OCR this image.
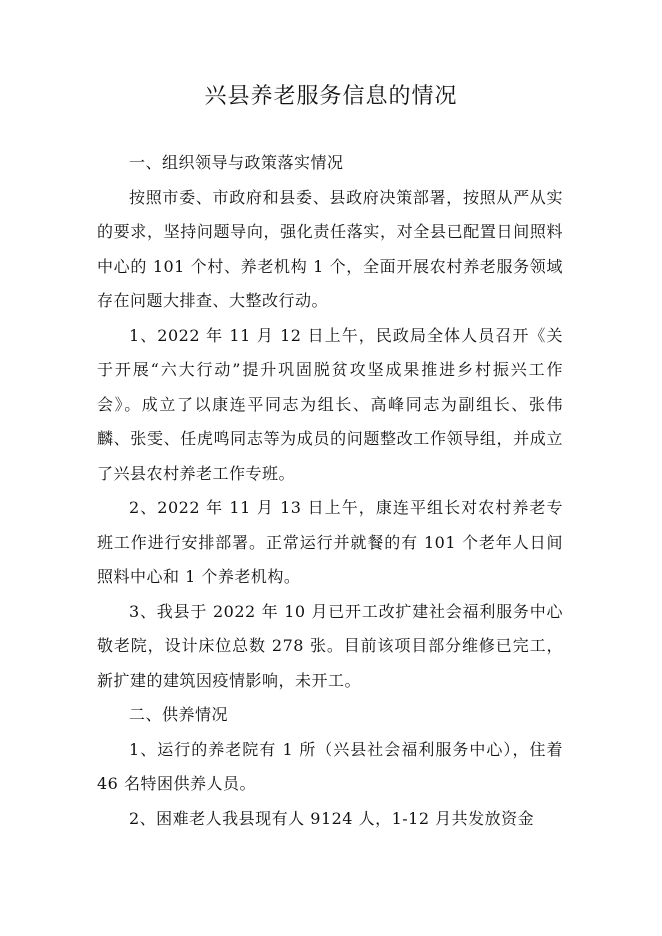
兴县养老服务信息的情况

一、组织领导与政策落实情况

按照市委、市政府和县委、县政府决策部署，按照从严从实的要求，坚持问题导向，强化责任落实，对全县已配置日间照料中心的 101 个村、养老机构 1 个，全面开展农村养老服务领域存在问题大排查、大整改行动。

1、2022 年 11 月 12 日上午，民政局全体人员召开《关于开展“六大行动”提升巩固脱贫攻坚成果推进乡村振兴工作会》。成立了以康连平同志为组长、高峰同志为副组长、张伟麟、张雯、任虎鸣同志等为成员的问题整改工作领导组，并成立了兴县农村养老工作专班。

2、2022 年 11 月 13 日上午，康连平组长对农村养老专班工作进行安排部署。正常运行并就餐的有 101 个老年人日间照料中心和 1 个养老机构。

3、我县于 2022 年 10 月已开工改扩建社会福利服务中心敬老院，设计床位总数 278 张。目前该项目部分维修已完工，新扩建的建筑因疫情影响，未开工。

二、供养情况

1、运行的养老院有 1 所（兴县社会福利服务中心），住着 46 名特困供养人员。

2、困难老人我县现有人 9124 人，1-12 月共发放资金
